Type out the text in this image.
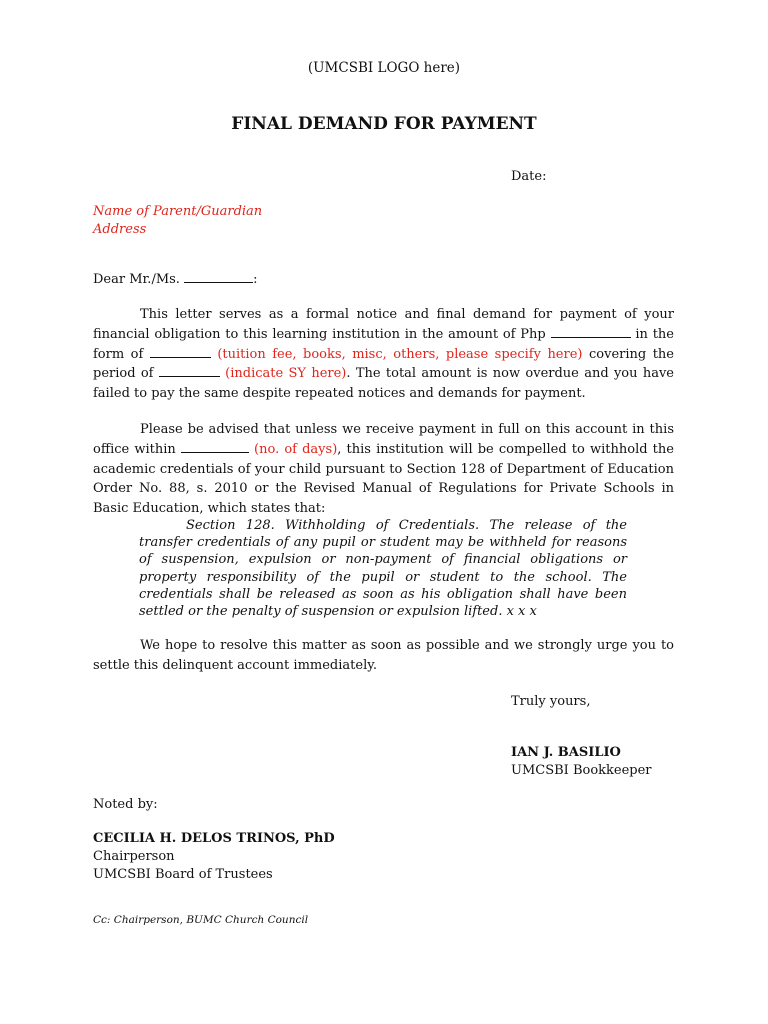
(UMCSBI LOGO here)
FINAL DEMAND FOR PAYMENT
Date:
Name of Parent/Guardian
Address
Dear Mr./Ms.	:
This letter serves as a formal notice and final demand for payment of your financial obligation to this learning institution in the amount of Php	in the form of	(tuition fee, books, misc, others, please specify here) covering the period of	(indicate SY here). The total amount is now overdue and you have failed to pay the same despite repeated notices and demands for payment.
Please be advised that unless we receive payment in full on this account in this office within	(no. of days), this institution will be compelled to withhold the academic credentials of your child pursuant to Section 128 of Department of Education Order No. 88, s. 2010 or the Revised Manual of Regulations for Private Schools in Basic Education, which states that:
Section 128. Withholding of Credentials. The release of the transfer credentials of any pupil or student may be withheld for reasons of suspension, expulsion or non-payment of financial obligations or property responsibility of the pupil or student to the school. The credentials shall be released as soon as his obligation shall have been settled or the penalty of suspension or expulsion lifted. x x x
We hope to resolve this matter as soon as possible and we strongly urge you to settle this delinquent account immediately.
Truly yours,
IAN J. BASILIO
UMCSBI Bookkeeper
Noted by:
CECILIA H. DELOS TRINOS, PhD
Chairperson
UMCSBI Board of Trustees
Cc: Chairperson, BUMC Church Council
